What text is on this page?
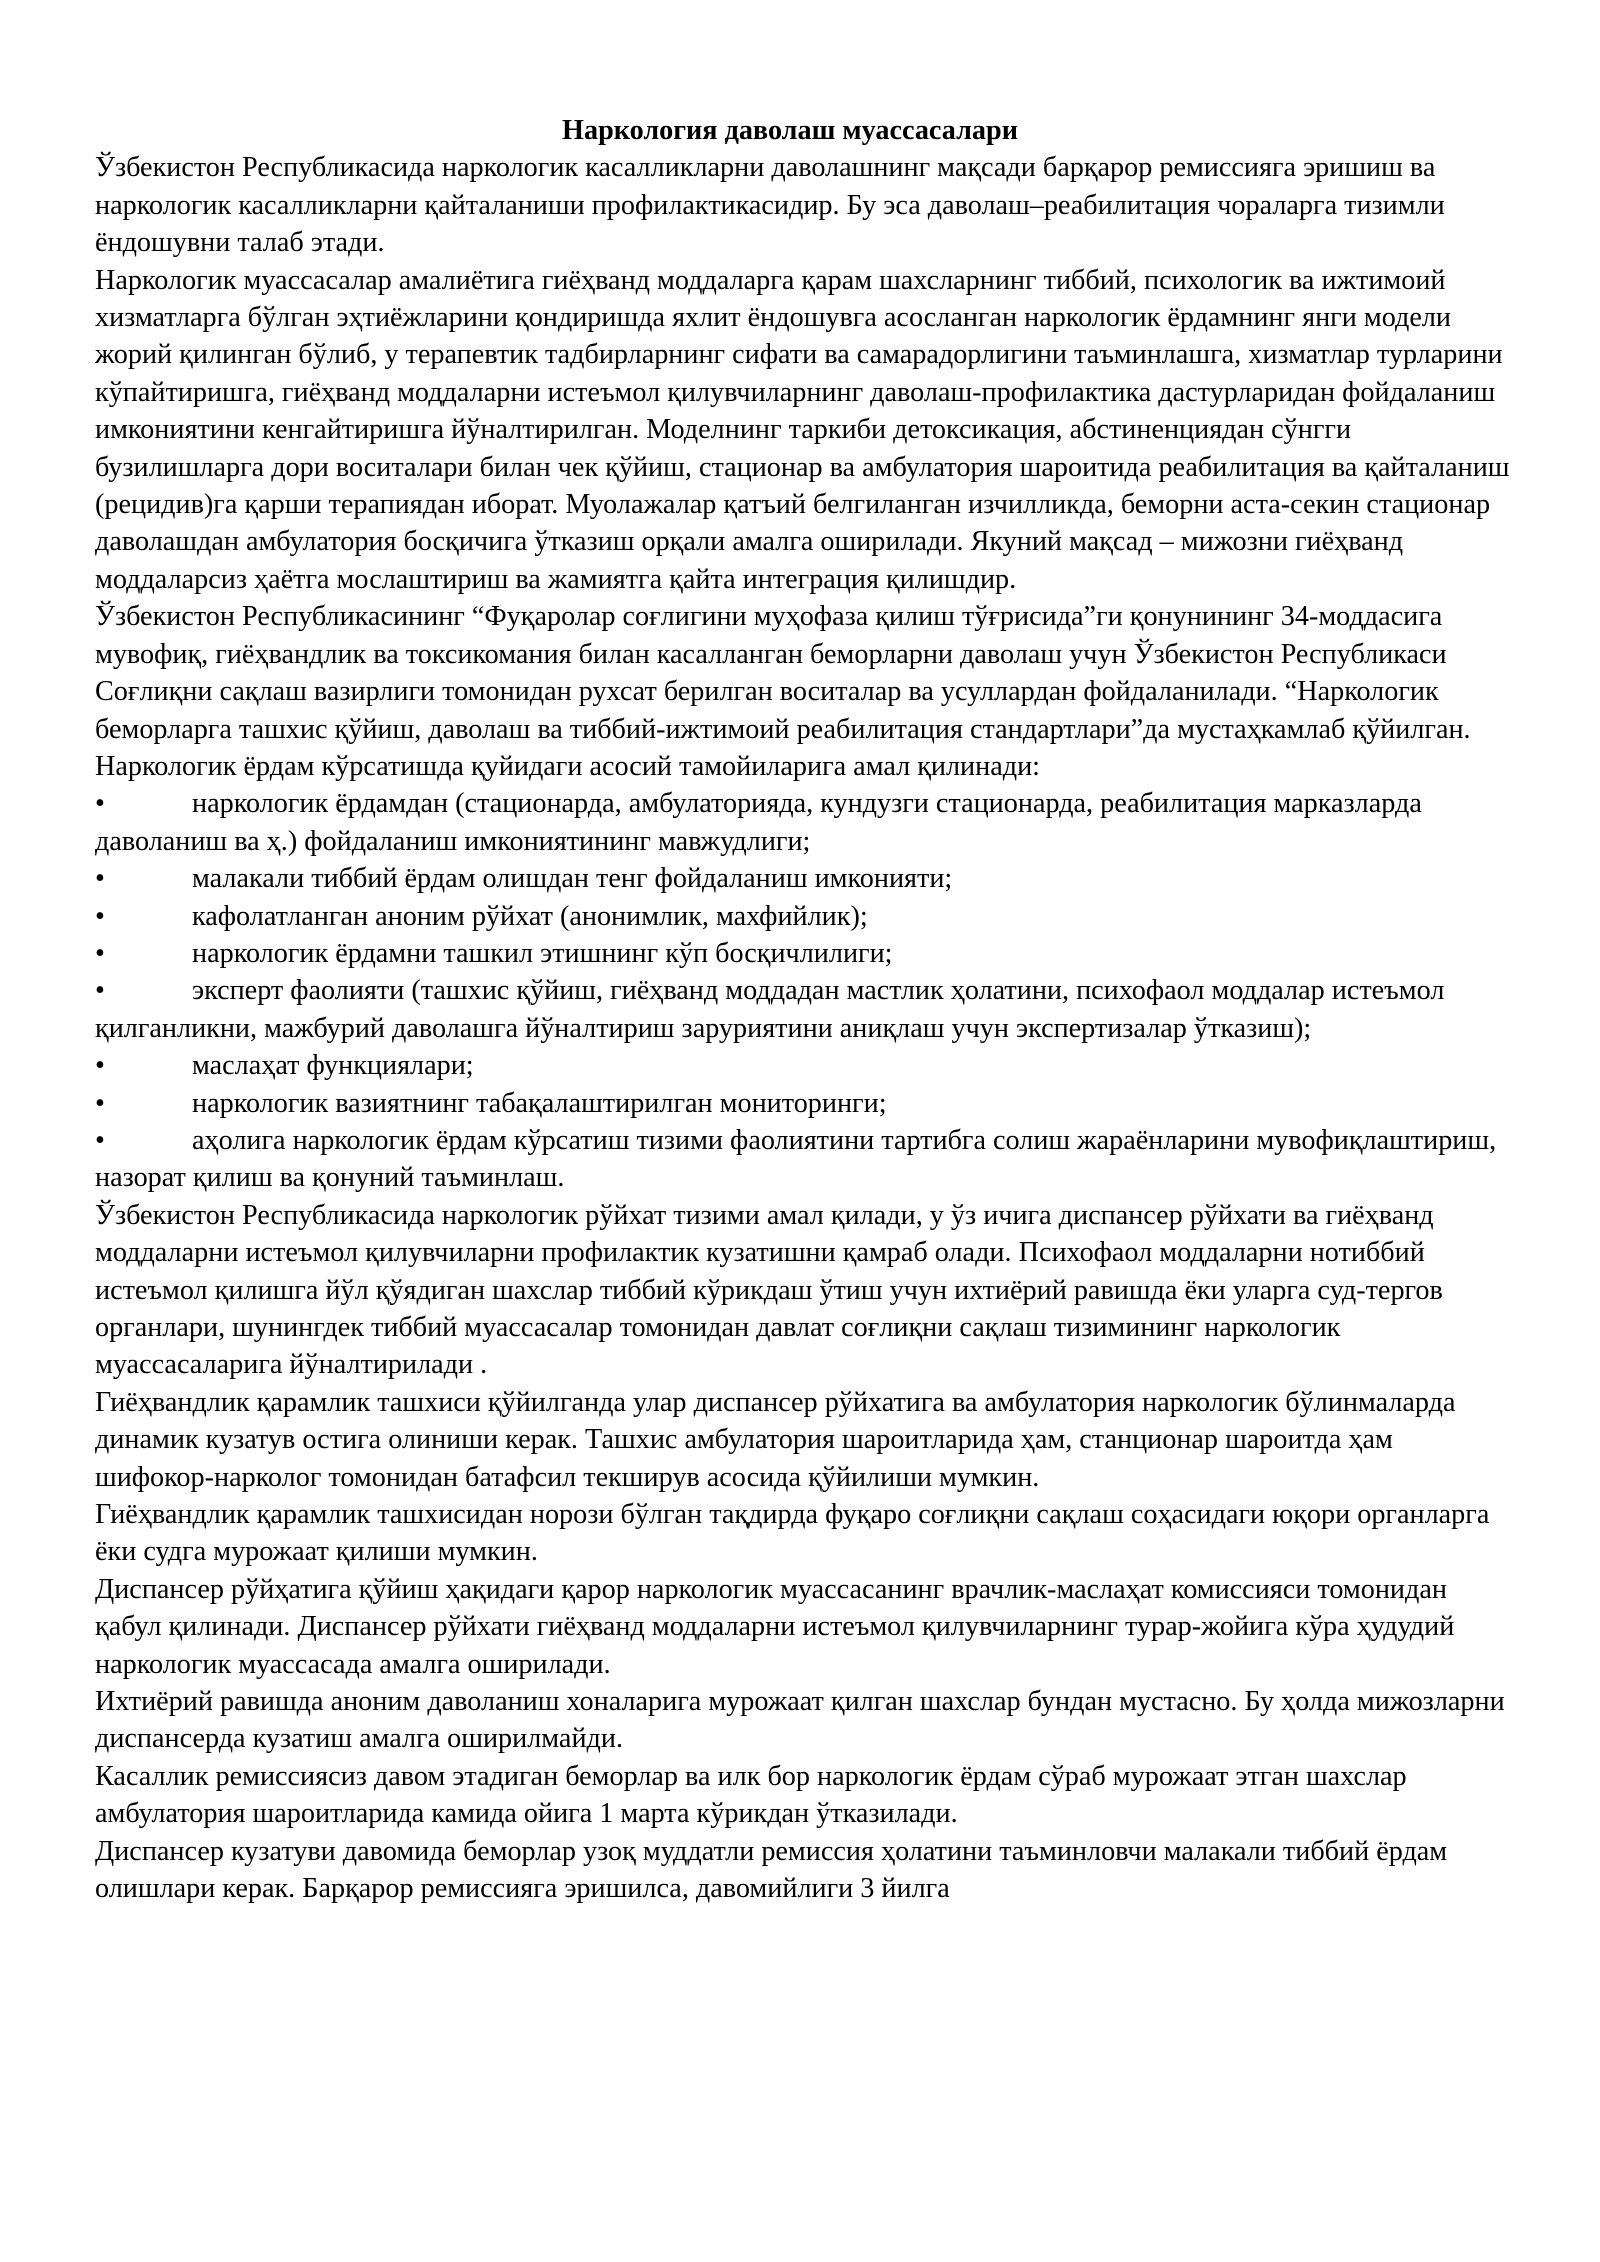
Наркология даволаш муассасалари

Ўзбекистон Республикасида наркологик касалликларни даволашнинг мақсади барқарор ремиссияга эришиш ва наркологик касалликларни қайталаниши профилактикасидир. Бу эса даволаш–реабилитация чораларга тизимли ёндошувни талаб этади.

Наркологик муассасалар амалиётига гиёҳванд моддаларга қарам шахсларнинг тиббий, психологик ва ижтимоий хизматларга бўлган эҳтиёжларини қондиришда яхлит ёндошувга асосланган наркологик ёрдамнинг янги модели жорий қилинган бўлиб, у терапевтик тадбирларнинг сифати ва самарадорлигини таъминлашга, хизматлар турларини кўпайтиришга, гиёҳванд моддаларни истеъмол қилувчиларнинг даволаш-профилактика дастурларидан фойдаланиш имкониятини кенгайтиришга йўналтирилган. Моделнинг таркиби детоксикация, абстиненциядан сўнгги бузилишларга дори воситалари билан чек қўйиш, стационар ва амбулатория шароитида реабилитация ва қайталаниш (рецидив)га қарши терапиядан иборат. Муолажалар қатъий белгиланган изчилликда, беморни аста-секин стационар даволашдан амбулатория босқичига ўтказиш орқали амалга оширилади. Якуний мақсад – мижозни гиёҳванд моддаларсиз ҳаётга мослаштириш ва жамиятга қайта интеграция қилишдир.

Ўзбекистон Республикасининг “Фуқаролар соғлигини муҳофаза қилиш тўғрисида”ги қонунининг 34-моддасига мувофиқ, гиёҳвандлик ва токсикомания билан касалланган беморларни даволаш учун Ўзбекистон Республикаси Соғлиқни сақлаш вазирлиги томонидан рухсат берилган воситалар ва усуллардан фойдаланилади. “Наркологик беморларга ташхис қўйиш, даволаш ва тиббий-ижтимоий реабилитация стандартлари”да мустаҳкамлаб қўйилган. Наркологик ёрдам кўрсатишда қуйидаги асосий тамойиларига амал қилинади:

•	наркологик ёрдамдан (стационарда, амбулаторияда, кундузги стационарда, реабилитация марказларда даволаниш ва ҳ.) фойдаланиш имкониятининг мавжудлиги;

•	малакали тиббий ёрдам олишдан тенг фойдаланиш имконияти;

•	кафолатланган аноним рўйхат (анонимлик, махфийлик);

•	наркологик ёрдамни ташкил этишнинг кўп босқичлилиги;

•	эксперт фаолияти (ташхис қўйиш, гиёҳванд моддадан мастлик ҳолатини, психофаол моддалар истеъмол қилганликни, мажбурий даволашга йўналтириш заруриятини аниқлаш учун экспертизалар ўтказиш);

•	маслаҳат функциялари;

•	наркологик вазиятнинг табақалаштирилган мониторинги;

•	аҳолига наркологик ёрдам кўрсатиш тизими фаолиятини тартибга солиш жараёнларини мувофиқлаштириш, назорат қилиш ва қонуний таъминлаш.

Ўзбекистон Республикасида наркологик рўйхат тизими амал қилади, у ўз ичига диспансер рўйхати ва гиёҳванд моддаларни истеъмол қилувчиларни профилактик кузатишни қамраб олади. Психофаол моддаларни нотиббий истеъмол қилишга йўл қўядиган шахслар тиббий кўрикдаш ўтиш учун ихтиёрий равишда ёки уларга суд-тергов органлари, шунингдек тиббий муассасалар томонидан давлат соғлиқни сақлаш тизимининг наркологик муассасаларига йўналтирилади .

Гиёҳвандлик қарамлик ташхиси қўйилганда улар диспансер рўйхатига ва амбулатория наркологик бўлинмаларда динамик кузатув остига олиниши керак. Ташхис амбулатория шароитларида ҳам, станционар шароитда ҳам шифокор-нарколог томонидан батафсил текширув асосида қўйилиши мумкин.

Гиёҳвандлик қарамлик ташхисидан норози бўлган тақдирда фуқаро соғлиқни сақлаш соҳасидаги юқори органларга ёки судга мурожаат қилиши мумкин.

Диспансер рўйҳатига қўйиш ҳақидаги қарор наркологик муассасанинг врачлик-маслаҳат комиссияси томонидан қабул қилинади. Диспансер рўйхати гиёҳванд моддаларни истеъмол қилувчиларнинг турар-жойига кўра ҳудудий наркологик муассасада амалга оширилади.

Ихтиёрий равишда аноним даволаниш хоналарига мурожаат қилган шахслар бундан мустасно. Бу ҳолда мижозларни диспансерда кузатиш амалга оширилмайди.

Касаллик ремиссиясиз давом этадиган беморлар ва илк бор наркологик ёрдам сўраб мурожаат этган шахслар амбулатория шароитларида камида ойига 1 марта кўрикдан ўтказилади.

Диспансер кузатуви давомида беморлар узоқ муддатли ремиссия ҳолатини таъминловчи малакали тиббий ёрдам олишлари керак. Барқарор ремиссияга эришилса, давомийлиги 3 йилга
